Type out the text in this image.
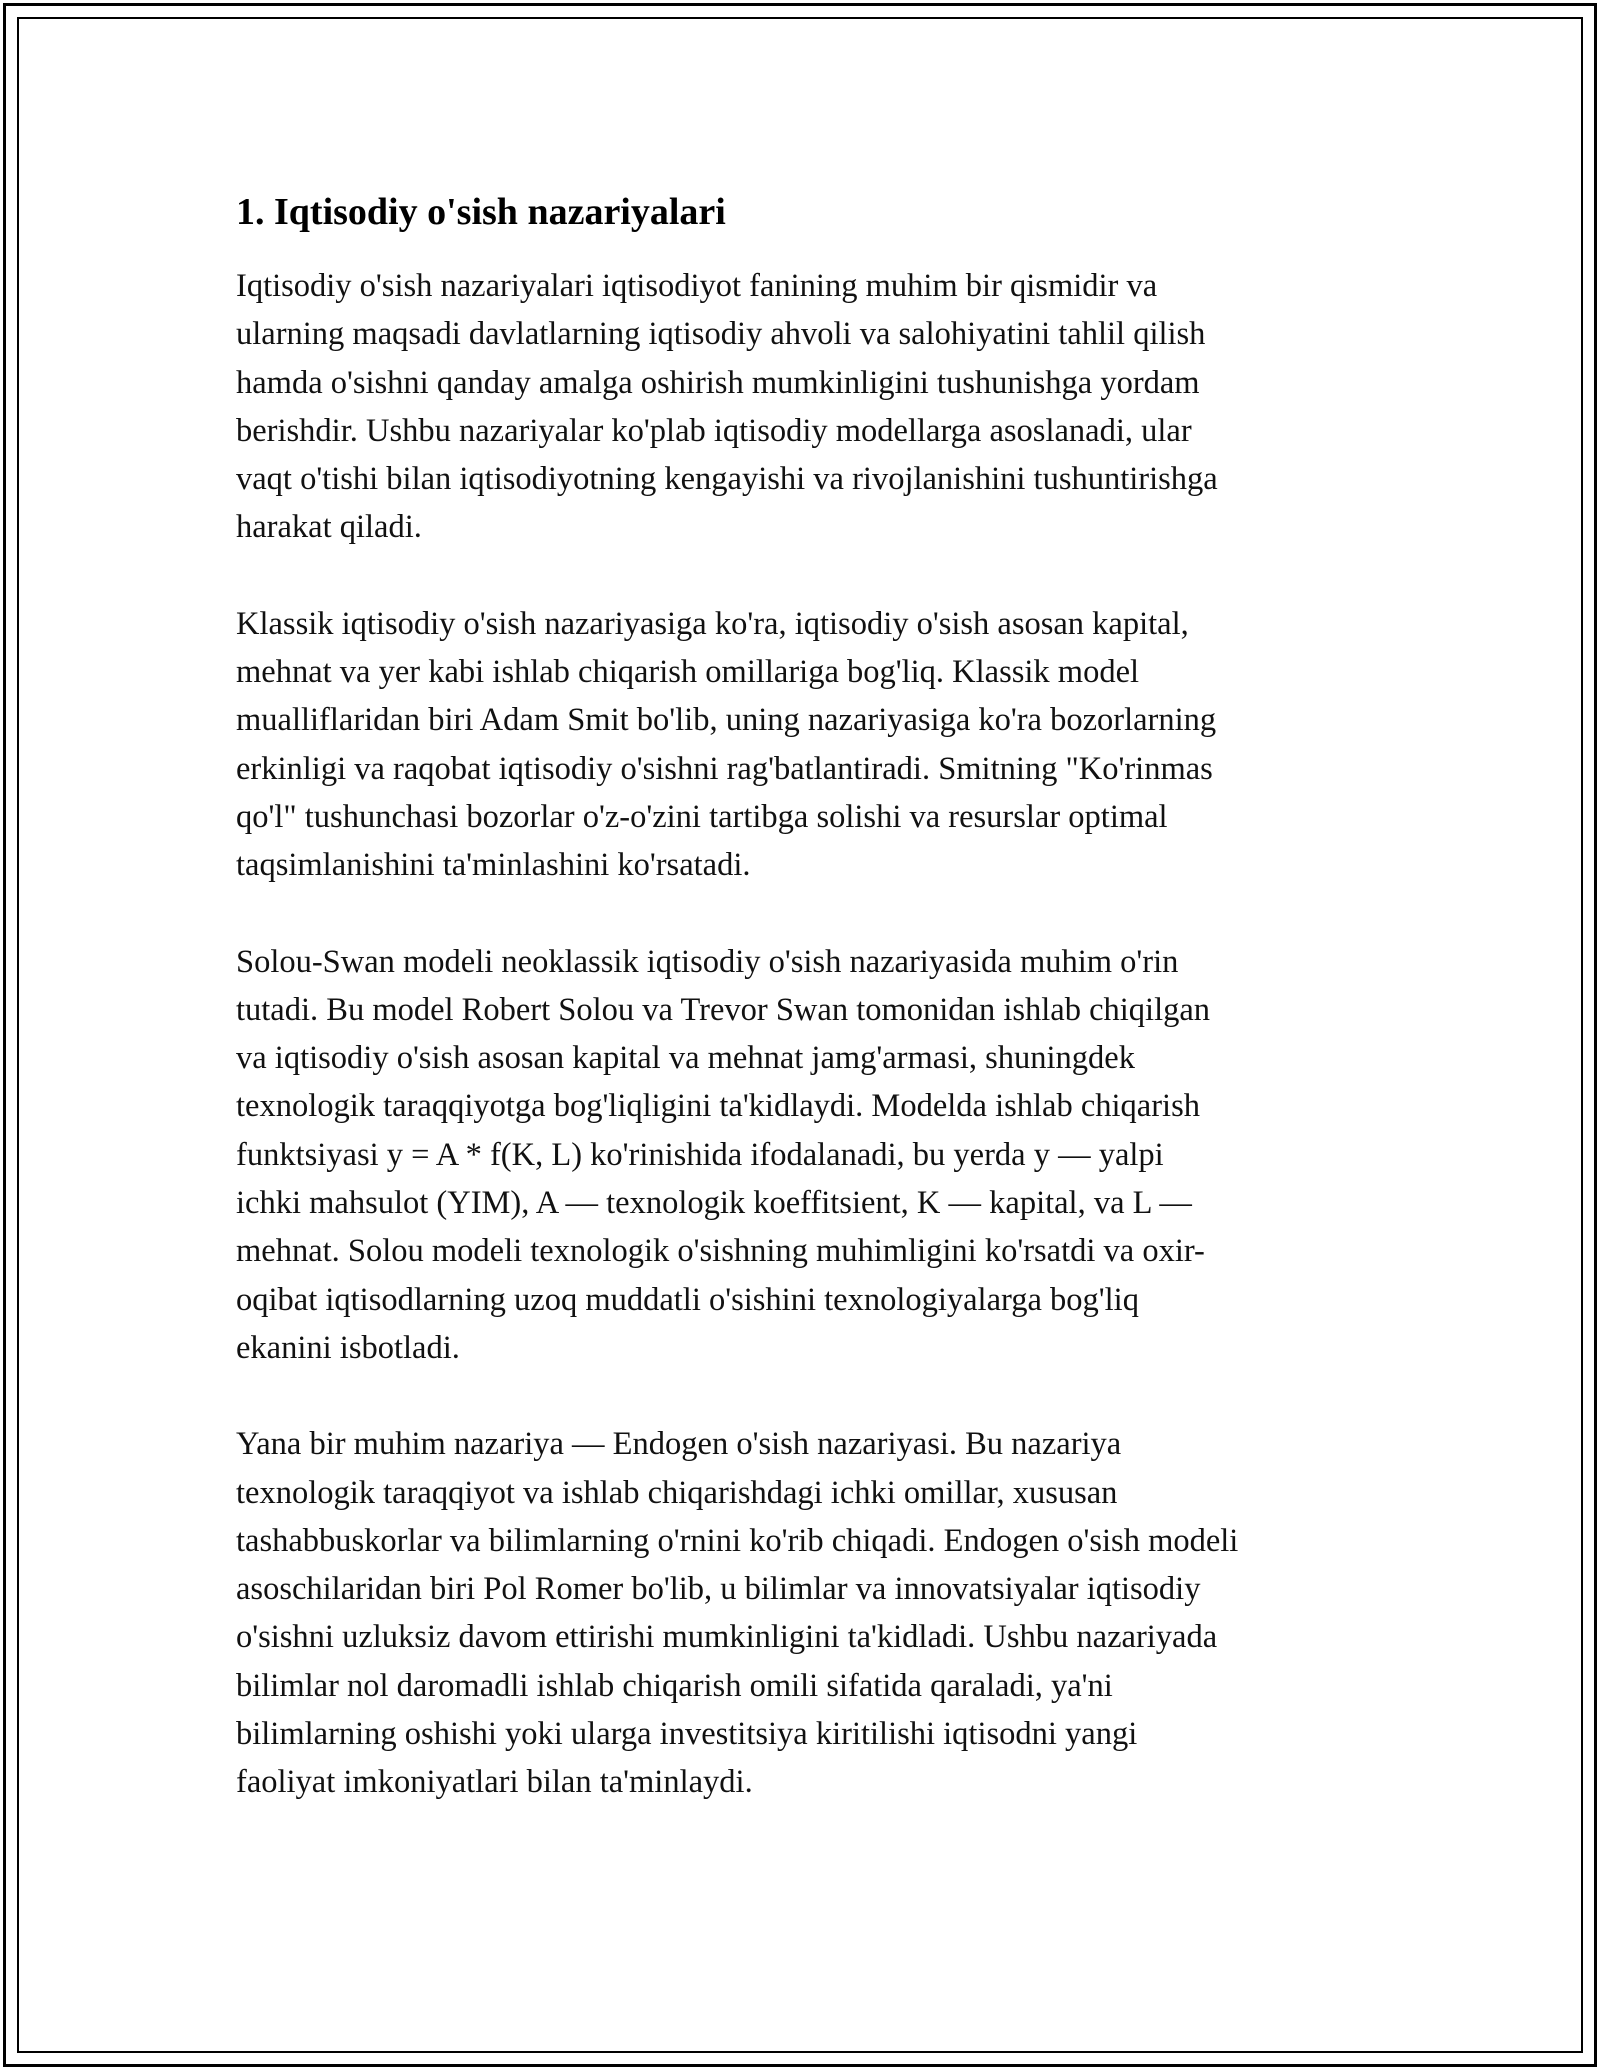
1. Iqtisodiy o'sish nazariyalari
Iqtisodiy o'sish nazariyalari iqtisodiyot fanining muhim bir qismidir va
ularning maqsadi davlatlarning iqtisodiy ahvoli va salohiyatini tahlil qilish
hamda o'sishni qanday amalga oshirish mumkinligini tushunishga yordam
berishdir. Ushbu nazariyalar ko'plab iqtisodiy modellarga asoslanadi, ular
vaqt o'tishi bilan iqtisodiyotning kengayishi va rivojlanishini tushuntirishga
harakat qiladi.
Klassik iqtisodiy o'sish nazariyasiga ko'ra, iqtisodiy o'sish asosan kapital,
mehnat va yer kabi ishlab chiqarish omillariga bog'liq. Klassik model
mualliflaridan biri Adam Smit bo'lib, uning nazariyasiga ko'ra bozorlarning
erkinligi va raqobat iqtisodiy o'sishni rag'batlantiradi. Smitning "Ko'rinmas
qo'l" tushunchasi bozorlar o'z-o'zini tartibga solishi va resurslar optimal
taqsimlanishini ta'minlashini ko'rsatadi.
Solou-Swan modeli neoklassik iqtisodiy o'sish nazariyasida muhim o'rin
tutadi. Bu model Robert Solou va Trevor Swan tomonidan ishlab chiqilgan
va iqtisodiy o'sish asosan kapital va mehnat jamg'armasi, shuningdek
texnologik taraqqiyotga bog'liqligini ta'kidlaydi. Modelda ishlab chiqarish
funktsiyasi y = A * f(K, L) ko'rinishida ifodalanadi, bu yerda y — yalpi
ichki mahsulot (YIM), A — texnologik koeffitsient, K — kapital, va L —
mehnat. Solou modeli texnologik o'sishning muhimligini ko'rsatdi va oxir-
oqibat iqtisodlarning uzoq muddatli o'sishini texnologiyalarga bog'liq
ekanini isbotladi.
Yana bir muhim nazariya — Endogen o'sish nazariyasi. Bu nazariya
texnologik taraqqiyot va ishlab chiqarishdagi ichki omillar, xususan
tashabbuskorlar va bilimlarning o'rnini ko'rib chiqadi. Endogen o'sish modeli
asoschilaridan biri Pol Romer bo'lib, u bilimlar va innovatsiyalar iqtisodiy
o'sishni uzluksiz davom ettirishi mumkinligini ta'kidladi. Ushbu nazariyada
bilimlar nol daromadli ishlab chiqarish omili sifatida qaraladi, ya'ni
bilimlarning oshishi yoki ularga investitsiya kiritilishi iqtisodni yangi
faoliyat imkoniyatlari bilan ta'minlaydi.
